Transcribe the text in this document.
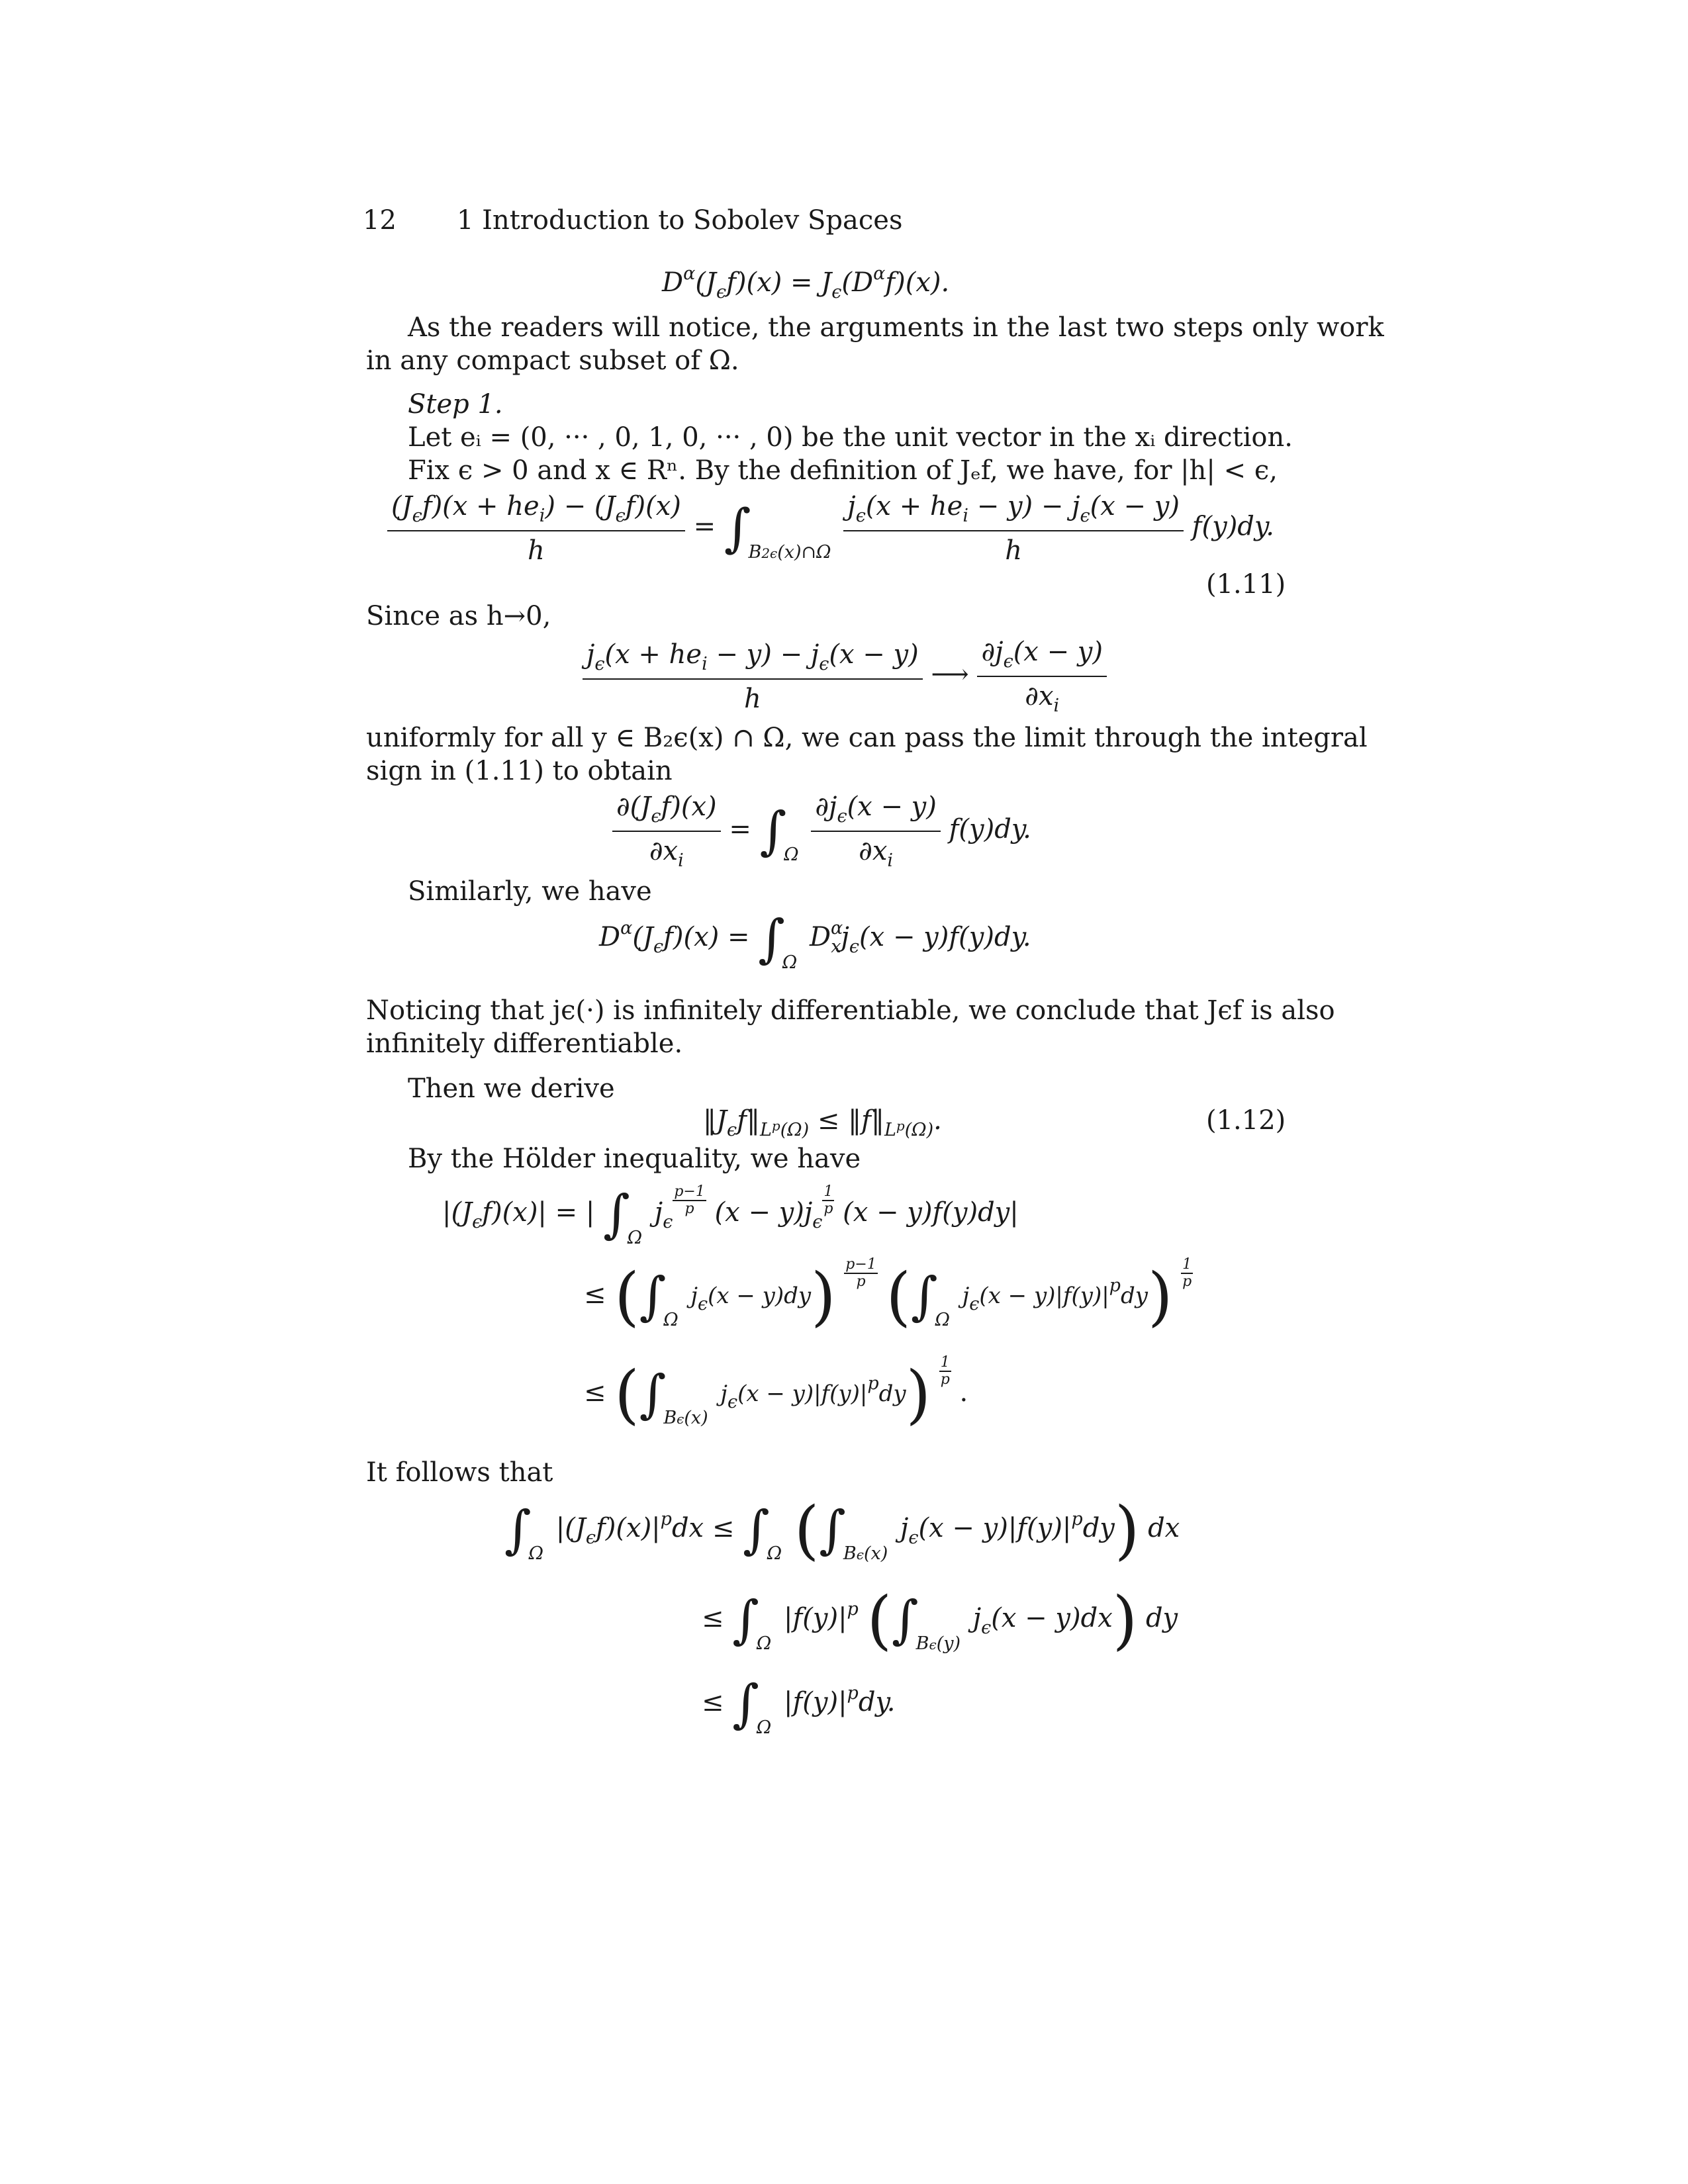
12 1 Introduction to Sobolev Spaces
$D^\alpha(J_\epsilon f)(x) = J_\epsilon(D^\alpha f)(x)$.
As the readers will notice, the arguments in the last two steps only work
in any compact subset of Ω.
Step 1.
Let eᵢ = (0, ··· , 0, 1, 0, ··· , 0) be the unit vector in the xᵢ direction.
Fix ϵ > 0 and x ∈ Rⁿ. By the definition of Jₑf, we have, for |h| < ϵ,
$\frac{(J_\epsilon f)(x + he_i) - (J_\epsilon f)(x)}{h} = \int_{B2\epsilon(x)\cap\Omega} \frac{j_\epsilon(x + he_i - y) - j_\epsilon(x - y)}{h} f(y)dy$.
(1.11)
Since as h→0,
$\frac{j_\epsilon(x + he_i - y) - j_\epsilon(x - y)}{h}$ ⟶ $\frac{\partial j_\epsilon(x - y)}{\partial x_i}$
uniformly for all y ∈ B₂ϵ(x) ∩ Ω, we can pass the limit through the integral
sign in (1.11) to obtain
$\frac{\partial(J_\epsilon f)(x)}{\partial x_i} = \int_\Omega \frac{\partial j_\epsilon(x - y)}{\partial x_i} f(y)dy$.
Similarly, we have
$D^\alpha(J_\epsilon f)(x) = \int_\Omega$ $D^\alpha_xj_\epsilon(x - y)f(y)dy$.
Noticing that jϵ(·) is infinitely differentiable, we conclude that Jϵf is also
infinitely differentiable.
Then we derive
$‖J_\epsilon f‖_{L^p(\Omega)}$ ≤ $‖f‖_{L^p(\Omega)}$.	(1.12)
By the Hölder inequality, we have
$|(J_\epsilon f)(x)|$ = | $\int_\Omega$ $j_\epsilon$
$\frac{p-1}{p} (x - y)j_\epsilon$
$\frac{1}{p} (x - y)f(y)dy|$
≤ ($\int_\Omega$ $j_\epsilon(x - y)dy) \frac{p-1}{p} (\int_\Omega$ $j_\epsilon(x - y)|f(y)|^pdy) \frac{1}{p}$
≤ ($\int_{B\epsilon(x)}$ $j_\epsilon(x - y)|f(y)|^pdy) \frac{1}{p}$
.
It follows that
$\int_\Omega$ $|(J_\epsilon f)(x)|^pdx \le \int_\Omega$ ($\int_{B\epsilon(x)}$ $j_\epsilon(x - y)|f(y)|^pdy$) dx
≤ $\int_\Omega$ $|f(y)|^p$ ($\int_{B\epsilon(y)}$ $j_\epsilon(x - y)dx$) dy
≤ $\int_\Omega$ $|f(y)|^pdy$.
